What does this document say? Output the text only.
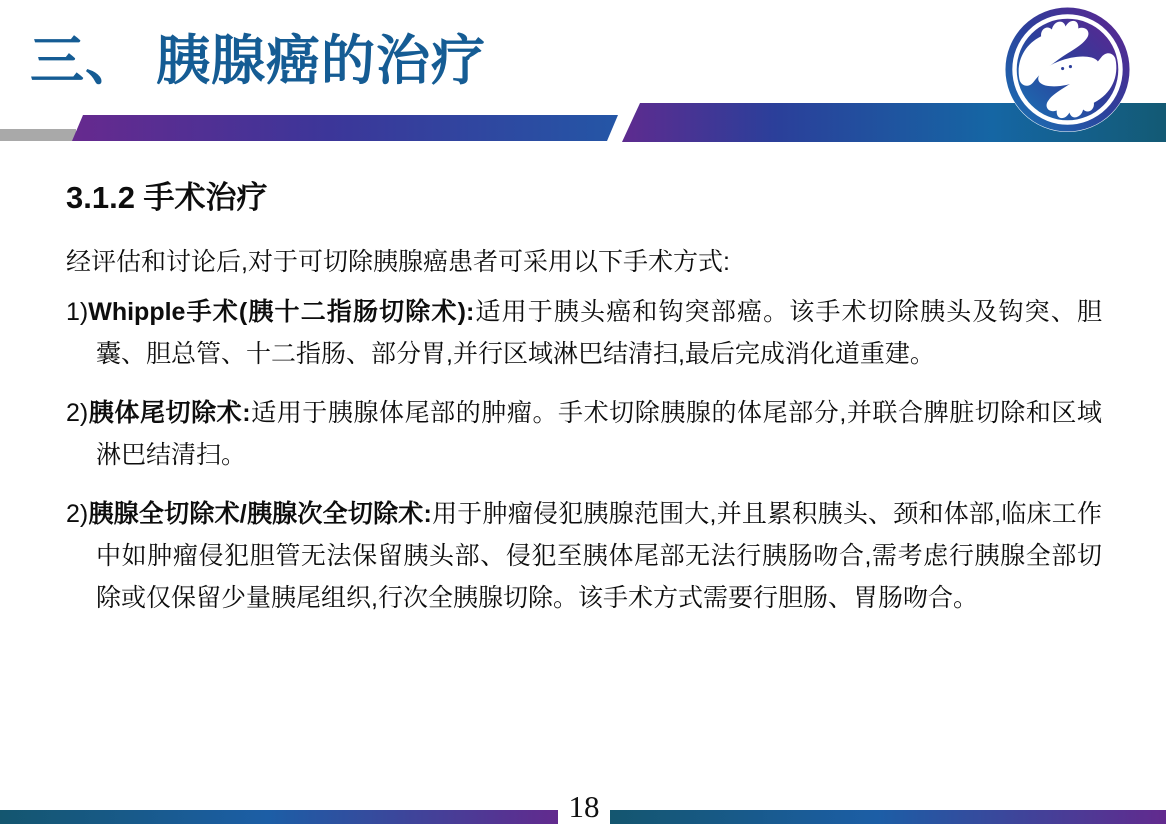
三、 胰腺癌的治疗
3.1.2 手术治疗

经评估和讨论后,对于可切除胰腺癌患者可采用以下手术方式:

1)Whipple手术(胰十二指肠切除术):适用于胰头癌和钩突部癌。该手术切除胰头及钩突、胆囊、胆总管、十二指肠、部分胃,并行区域淋巴结清扫,最后完成消化道重建。

2)胰体尾切除术:适用于胰腺体尾部的肿瘤。手术切除胰腺的体尾部分,并联合脾脏切除和区域淋巴结清扫。

2)胰腺全切除术/胰腺次全切除术:用于肿瘤侵犯胰腺范围大,并且累积胰头、颈和体部,临床工作中如肿瘤侵犯胆管无法保留胰头部、侵犯至胰体尾部无法行胰肠吻合,需考虑行胰腺全部切除或仅保留少量胰尾组织,行次全胰腺切除。该手术方式需要行胆肠、胃肠吻合。

18
